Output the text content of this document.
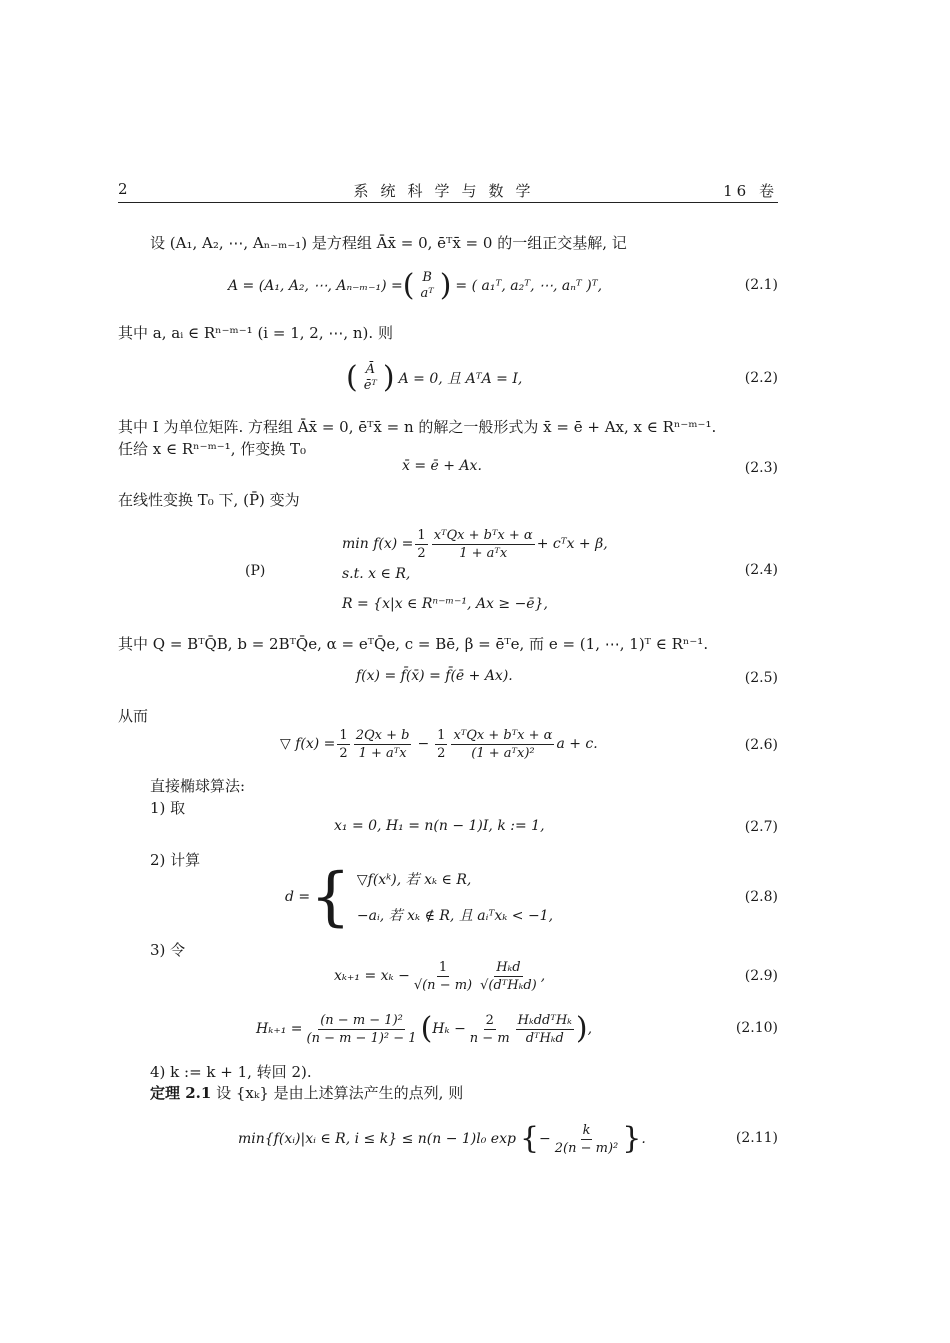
2	系统科学与数学	16 卷
设 (A₁, A₂, ⋯, Aₙ₋ₘ₋₁) 是方程组 Āx̄ = 0, ēᵀx̄ = 0 的一组正交基解, 记
A = (A₁, A₂, ⋯, Aₙ₋ₘ₋₁) = ( B
aᵀ ) = ( a₁ᵀ, a₂ᵀ, ⋯, aₙᵀ )ᵀ,	(2.1)
其中 a, aᵢ ∈ Rⁿ⁻ᵐ⁻¹ (i = 1, 2, ⋯, n). 则
( Ā
ēᵀ ) A = 0, 且 AᵀA = I,	(2.2)
其中 I 为单位矩阵. 方程组 Āx̄ = 0, ēᵀx̄ = n 的解之一般形式为 x̄ = ē + Ax, x ∈ Rⁿ⁻ᵐ⁻¹.
任给 x ∈ Rⁿ⁻ᵐ⁻¹, 作变换 T₀
x̄ = ē + Ax.	(2.3)
在线性变换 T₀ 下, (P̄) 变为
(P)
$\min f(x) = \frac{1}{2} \frac{\text{xᵀQx + bᵀx + α}}{\text{1 + aᵀx}}$ + cᵀx + β,
s.t. x ∈ R,	(2.4)
R = {x|x ∈ Rⁿ⁻ᵐ⁻¹, Ax ≥ −ē},
其中 Q = BᵀQ̄B, b = 2BᵀQ̄e, α = eᵀQ̄e, c = Bē, β = ēᵀe, 而 e = (1, ⋯, 1)ᵀ ∈ Rⁿ⁻¹.
f(x) = f̄(x̄) = f̄(ē + Ax).	(2.5)
从而
▽ $f(x) = \frac{1}{2} \frac{2Qx + b}{\text{1 + aᵀx}} - \frac{1}{2} \frac{\text{xᵀQx + bᵀx + α}}{\text{(1 + aᵀx)²}}$ a + c.	(2.6)
直接椭球算法:
1) 取
x₁ = 0, H₁ = n(n − 1)I, k := 1,	(2.7)
2) 计算
d = { ▽f(xᵏ), 若 xₖ ∈ R,
−aᵢ, 若 xₖ ∉ R, 且 aᵢᵀxₖ < −1,
(2.8)
3) 令
$x_{k+1} = x_k - \frac{1}{√(n - m)} \frac{\text{Hₖd}}{\text{√(dᵀHₖd)}}$ ,	(2.9)
$H_{k+1} = \frac{\text{(n − m − 1)²}}{\text{(n − m − 1)² − 1}}$ ( $H_k - \frac{2}{n - m} \frac{\text{HₖddᵀHₖ}}{\text{dᵀHₖd}}$ ) ,	(2.10)
4) k := k + 1, 转回 2).
定理 2.1 设 {xₖ} 是由上述算法产生的点列, 则
min{f(xᵢ)|xᵢ ∈ R, i ≤ k} ≤ n(n − 1)l₀ exp { − $\frac{k}{\text{2(n − m)²}}$ } .	(2.11)
